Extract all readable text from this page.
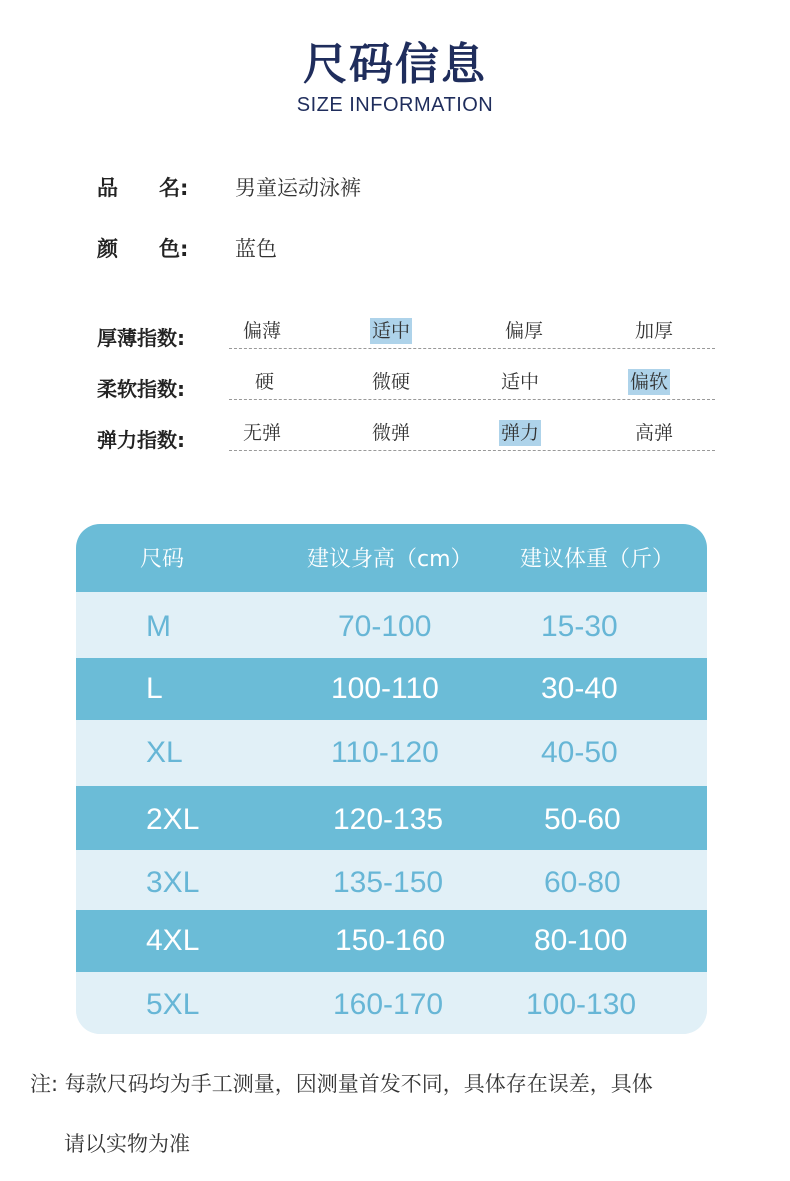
尺码信息
SIZE INFORMATION
品 名: 男童运动泳裤
颜 色: 蓝色
厚薄指数:	偏薄	适中	偏厚	加厚
柔软指数:	硬	微硬	适中	偏软
弹力指数:	无弹	微弹	弹力	高弹
尺码	建议身高（cm） 建议体重（斤）
M	70-100	15-30
L	100-110	30-40
XL	110-120	40-50
2XL	120-135	50-60
3XL	135-150	60-80
4XL	150-160	80-100
5XL	160-170	100-130
注: 每款尺码均为手工测量，因测量首发不同，具体存在误差，具体
请以实物为准
